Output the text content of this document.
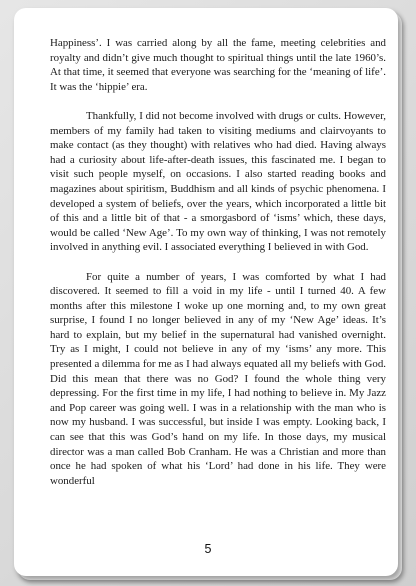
Happiness’. I was carried along by all the fame, meeting celebrities and royalty and didn’t give much thought to spiritual things until the late 1960’s. At that time, it seemed that everyone was searching for the ‘meaning of life’. It was the ‘hippie’ era.

Thankfully, I did not become involved with drugs or cults. However, members of my family had taken to visiting mediums and clairvoyants to make contact (as they thought) with relatives who had died. Having always had a curiosity about life-after-death issues, this fascinated me. I began to visit such people myself, on occasions. I also started reading books and magazines about spiritism, Buddhism and all kinds of psychic phenomena. I developed a system of beliefs, over the years, which incorporated a little bit of this and a little bit of that - a smorgasbord of ‘isms’ which, these days, would be called ‘New Age’. To my own way of thinking, I was not remotely involved in anything evil. I associated everything I believed in with God.

For quite a number of years, I was comforted by what I had discovered. It seemed to fill a void in my life - until I turned 40. A few months after this milestone I woke up one morning and, to my own great surprise, I found I no longer believed in any of my ‘New Age’ ideas. It’s hard to explain, but my belief in the supernatural had vanished overnight. Try as I might, I could not believe in any of my ‘isms’ any more. This presented a dilemma for me as I had always equated all my beliefs with God. Did this mean that there was no God? I found the whole thing very depressing. For the first time in my life, I had nothing to believe in. My Jazz and Pop career was going well. I was in a relationship with the man who is now my husband. I was successful, but inside I was empty. Looking back, I can see that this was God’s hand on my life. In those days, my musical director was a man called Bob Cranham. He was a Christian and more than once he had spoken of what his ‘Lord’ had done in his life. They were wonderful

5
